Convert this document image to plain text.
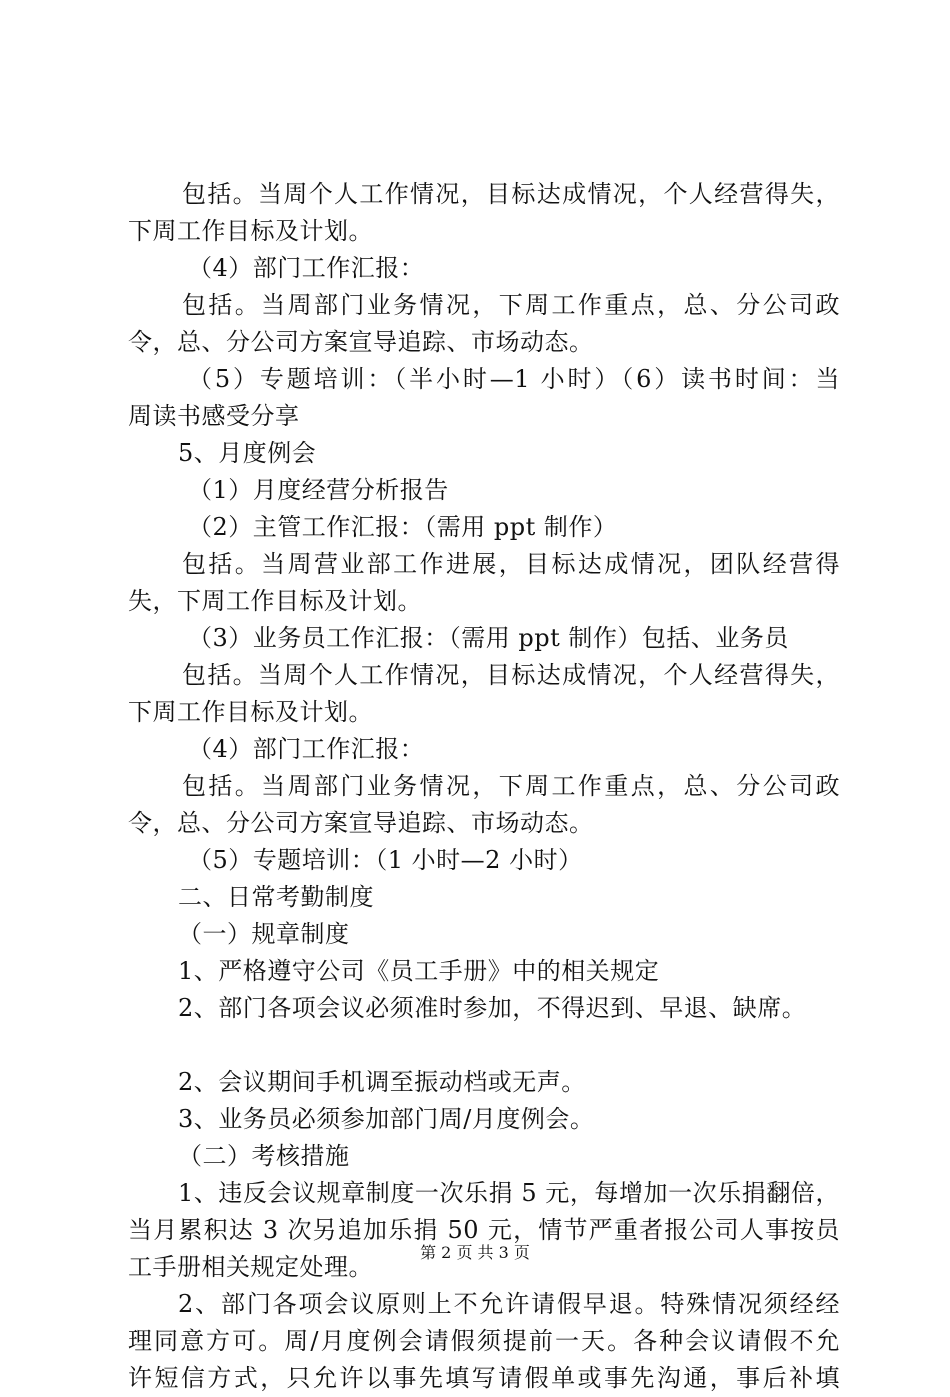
包括。当周个人工作情况，目标达成情况，个人经营得失，
下周工作目标及计划。
（4）部门工作汇报：
包括。当周部门业务情况，下周工作重点，总、分公司政
令，总、分公司方案宣导追踪、市场动态。
（5）专题培训：（半小时—1 小时）（6）读书时间：当
周读书感受分享
5、月度例会
（1）月度经营分析报告
（2）主管工作汇报：（需用 ppt 制作）
包括。当周营业部工作进展，目标达成情况，团队经营得
失，下周工作目标及计划。
（3）业务员工作汇报：（需用 ppt 制作）包括、业务员
包括。当周个人工作情况，目标达成情况，个人经营得失，
下周工作目标及计划。
（4）部门工作汇报：
包括。当周部门业务情况，下周工作重点，总、分公司政
令，总、分公司方案宣导追踪、市场动态。
（5）专题培训：（1 小时—2 小时）
二、日常考勤制度
（一）规章制度
1、严格遵守公司《员工手册》中的相关规定
2、部门各项会议必须准时参加，不得迟到、早退、缺席。
2、会议期间手机调至振动档或无声。
3、业务员必须参加部门周/月度例会。
（二）考核措施
1、违反会议规章制度一次乐捐 5 元，每增加一次乐捐翻倍，
当月累积达 3 次另追加乐捐 50 元，情节严重者报公司人事按员
工手册相关规定处理。
2、部门各项会议原则上不允许请假早退。特殊情况须经经
理同意方可。周/月度例会请假须提前一天。各种会议请假不允
许短信方式，只允许以事先填写请假单或事先沟通，事后补填
第 2 页 共 3 页
